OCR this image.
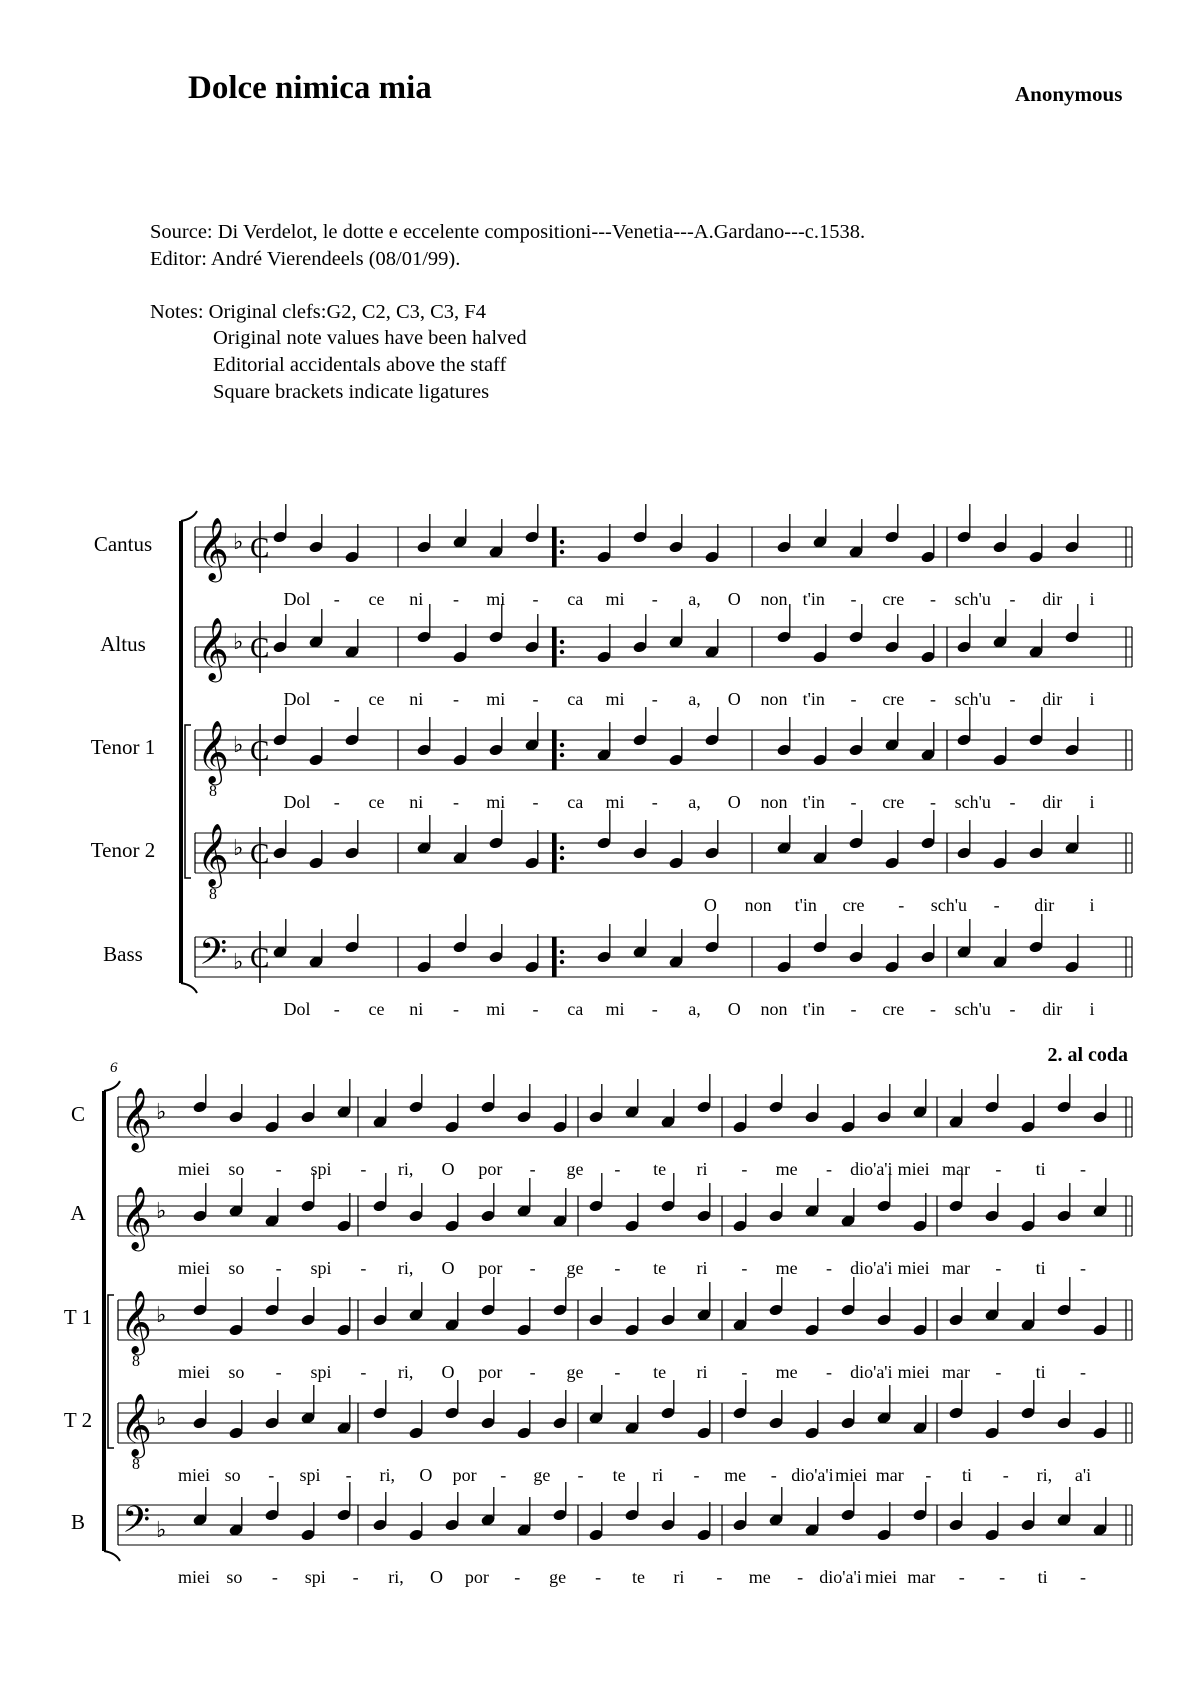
Dolce nimica mia	Anonymous
Source: Di Verdelot, le dotte e eccelente compositioni---Venetia---A.Gardano---c.1538.
Editor: André Vierendeels (08/01/99).
Notes: Original clefs:G2, C2, C3, C3, F4
Original note values have been halved
Editorial accidentals above the staff
Square brackets indicate ligatures
Cantus 𝄞 ♭ C
Dol - ce ni - mi - ca mi - a, O non t'in - cre - sch'u - dir i
Altus 𝄞 ♭ C
Dol - ce ni - mi - ca mi - a, O non t'in - cre - sch'u - dir i
Tenor 1 𝄞
8
♭ C
Dol - ce ni - mi - ca mi - a, O non t'in - cre - sch'u - dir i
Tenor 2 𝄞
8
♭ C
O non t'in cre - sch'u - dir i
Bass 𝄢 ♭ C
Dol - ce ni - mi - ca mi - a, O non t'in - cre - sch'u - dir i
6
2. al coda
C 𝄞 ♭
miei so - spi - ri, O por - ge - te ri - me - dio'a'i miei mar - ti -
A 𝄞 ♭
miei so - spi - ri, O por - ge - te ri - me - dio'a'i miei mar - ti -
T 1 𝄞
8
♭
miei so - spi - ri, O por - ge - te ri - me - dio'a'i miei mar - ti -
T 2 𝄞
8
♭
miei so - spi - ri, O por - ge - te ri - me - dio'a'i miei mar - ti - ri, a'i
B 𝄢 ♭
miei so - spi - ri, O por - ge - te ri - me - dio'a'i miei mar - - ti -
